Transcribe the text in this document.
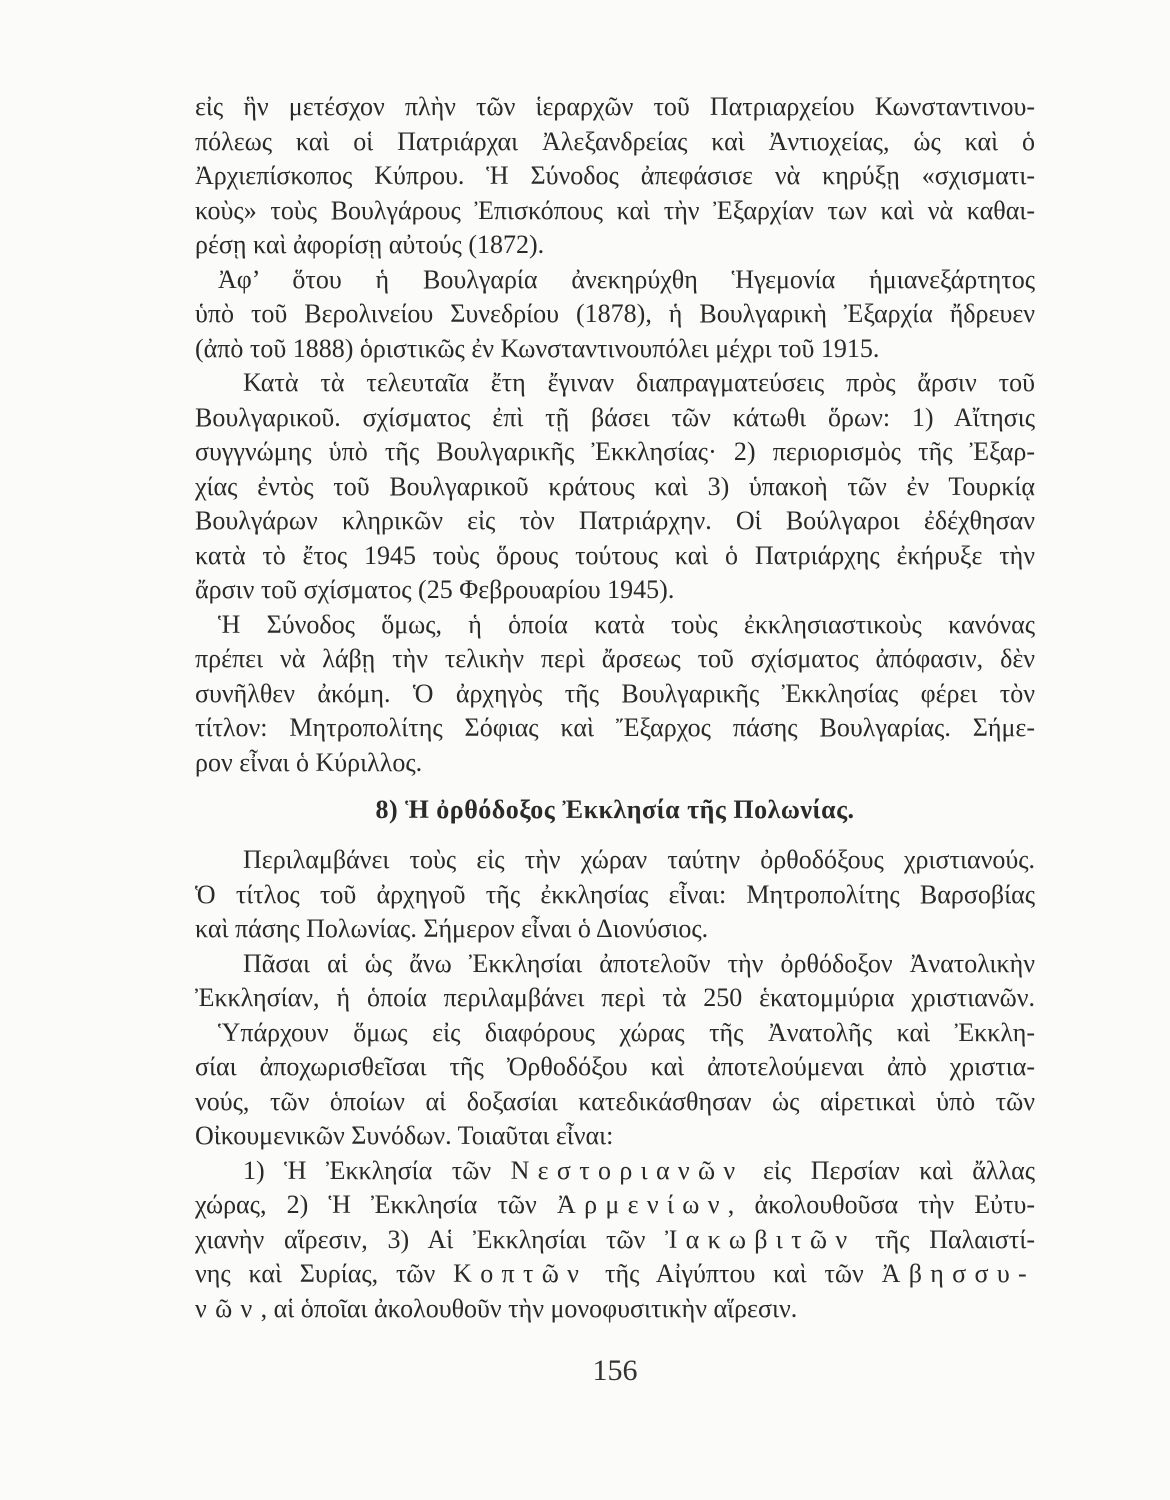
εἰς ἣν μετέσχον πλὴν τῶν ἱεραρχῶν τοῦ Πατριαρχείου Κωνσταντινου-
πόλεως καὶ οἱ Πατριάρχαι Ἀλεξανδρείας καὶ Ἀντιοχείας, ὡς καὶ ὁ
Ἀρχιεπίσκοπος Κύπρου. Ἡ Σύνοδος ἀπεφάσισε νὰ κηρύξῃ «σχισματι-
κοὺς» τοὺς Βουλγάρους Ἐπισκόπους καὶ τὴν Ἐξαρχίαν των καὶ νὰ καθαι-
ρέσῃ καὶ ἀφορίσῃ αὐτούς (1872).
Ἀφ’ ὅτου ἡ Βουλγαρία ἀνεκηρύχθη Ἡγεμονία ἡμιανεξάρτητος
ὑπὸ τοῦ Βερολινείου Συνεδρίου (1878), ἡ Βουλγαρικὴ Ἐξαρχία ἤδρευεν
(ἀπὸ τοῦ 1888) ὁριστικῶς ἐν Κωνσταντινουπόλει μέχρι τοῦ 1915.
Κατὰ τὰ τελευταῖα ἔτη ἔγιναν διαπραγματεύσεις πρὸς ἄρσιν τοῦ
Βουλγαρικοῦ. σχίσματος ἐπὶ τῇ βάσει τῶν κάτωθι ὅρων: 1) Αἴτησις
συγγνώμης ὑπὸ τῆς Βουλγαρικῆς Ἐκκλησίας· 2) περιορισμὸς τῆς Ἐξαρ-
χίας ἐντὸς τοῦ Βουλγαρικοῦ κράτους καὶ 3) ὑπακοὴ τῶν ἐν Τουρκίᾳ
Βουλγάρων κληρικῶν εἰς τὸν Πατριάρχην. Οἱ Βούλγαροι ἐδέχθησαν
κατὰ τὸ ἔτος 1945 τοὺς ὅρους τούτους καὶ ὁ Πατριάρχης ἐκήρυξε τὴν
ἄρσιν τοῦ σχίσματος (25 Φεβρουαρίου 1945).
Ἡ Σύνοδος ὅμως, ἡ ὁποία κατὰ τοὺς ἐκκλησιαστικοὺς κανόνας
πρέπει νὰ λάβῃ τὴν τελικὴν περὶ ἄρσεως τοῦ σχίσματος ἀπόφασιν, δὲν
συνῆλθεν ἀκόμη. Ὁ ἀρχηγὸς τῆς Βουλγαρικῆς Ἐκκλησίας φέρει τὸν
τίτλον: Μητροπολίτης Σόφιας καὶ Ἔξαρχος πάσης Βουλγαρίας. Σήμε-
ρον εἶναι ὁ Κύριλλος.
8) Ἡ ὀρθόδοξος Ἐκκλησία τῆς Πολωνίας.
Περιλαμβάνει τοὺς εἰς τὴν χώραν ταύτην ὀρθοδόξους χριστιανούς.
Ὁ τίτλος τοῦ ἀρχηγοῦ τῆς ἐκκλησίας εἶναι: Μητροπολίτης Βαρσοβίας
καὶ πάσης Πολωνίας. Σήμερον εἶναι ὁ Διονύσιος.
Πᾶσαι αἱ ὡς ἄνω Ἐκκλησίαι ἀποτελοῦν τὴν ὀρθόδοξον Ἀνατολικὴν
Ἐκκλησίαν, ἡ ὁποία περιλαμβάνει περὶ τὰ 250 ἑκατομμύρια χριστιανῶν.
Ὑπάρχουν ὅμως εἰς διαφόρους χώρας τῆς Ἀνατολῆς καὶ Ἐκκλη-
σίαι ἀποχωρισθεῖσαι τῆς Ὀρθοδόξου καὶ ἀποτελούμεναι ἀπὸ χριστια-
νούς, τῶν ὁποίων αἱ δοξασίαι κατεδικάσθησαν ὡς αἱρετικαὶ ὑπὸ τῶν
Οἰκουμενικῶν Συνόδων. Τοιαῦται εἶναι:
1) Ἡ Ἐκκλησία τῶν Νεστοριανῶν εἰς Περσίαν καὶ ἄλλας
χώρας, 2) Ἡ Ἐκκλησία τῶν Ἀρμενίων, ἀκολουθοῦσα τὴν Εὐτυ-
χιανὴν αἵρεσιν, 3) Αἱ Ἐκκλησίαι τῶν Ἰακωβιτῶν τῆς Παλαιστί-
νης καὶ Συρίας, τῶν Κοπτῶν τῆς Αἰγύπτου καὶ τῶν Ἀβησσυ-
νῶν, αἱ ὁποῖαι ἀκολουθοῦν τὴν μονοφυσιτικὴν αἵρεσιν.
156
